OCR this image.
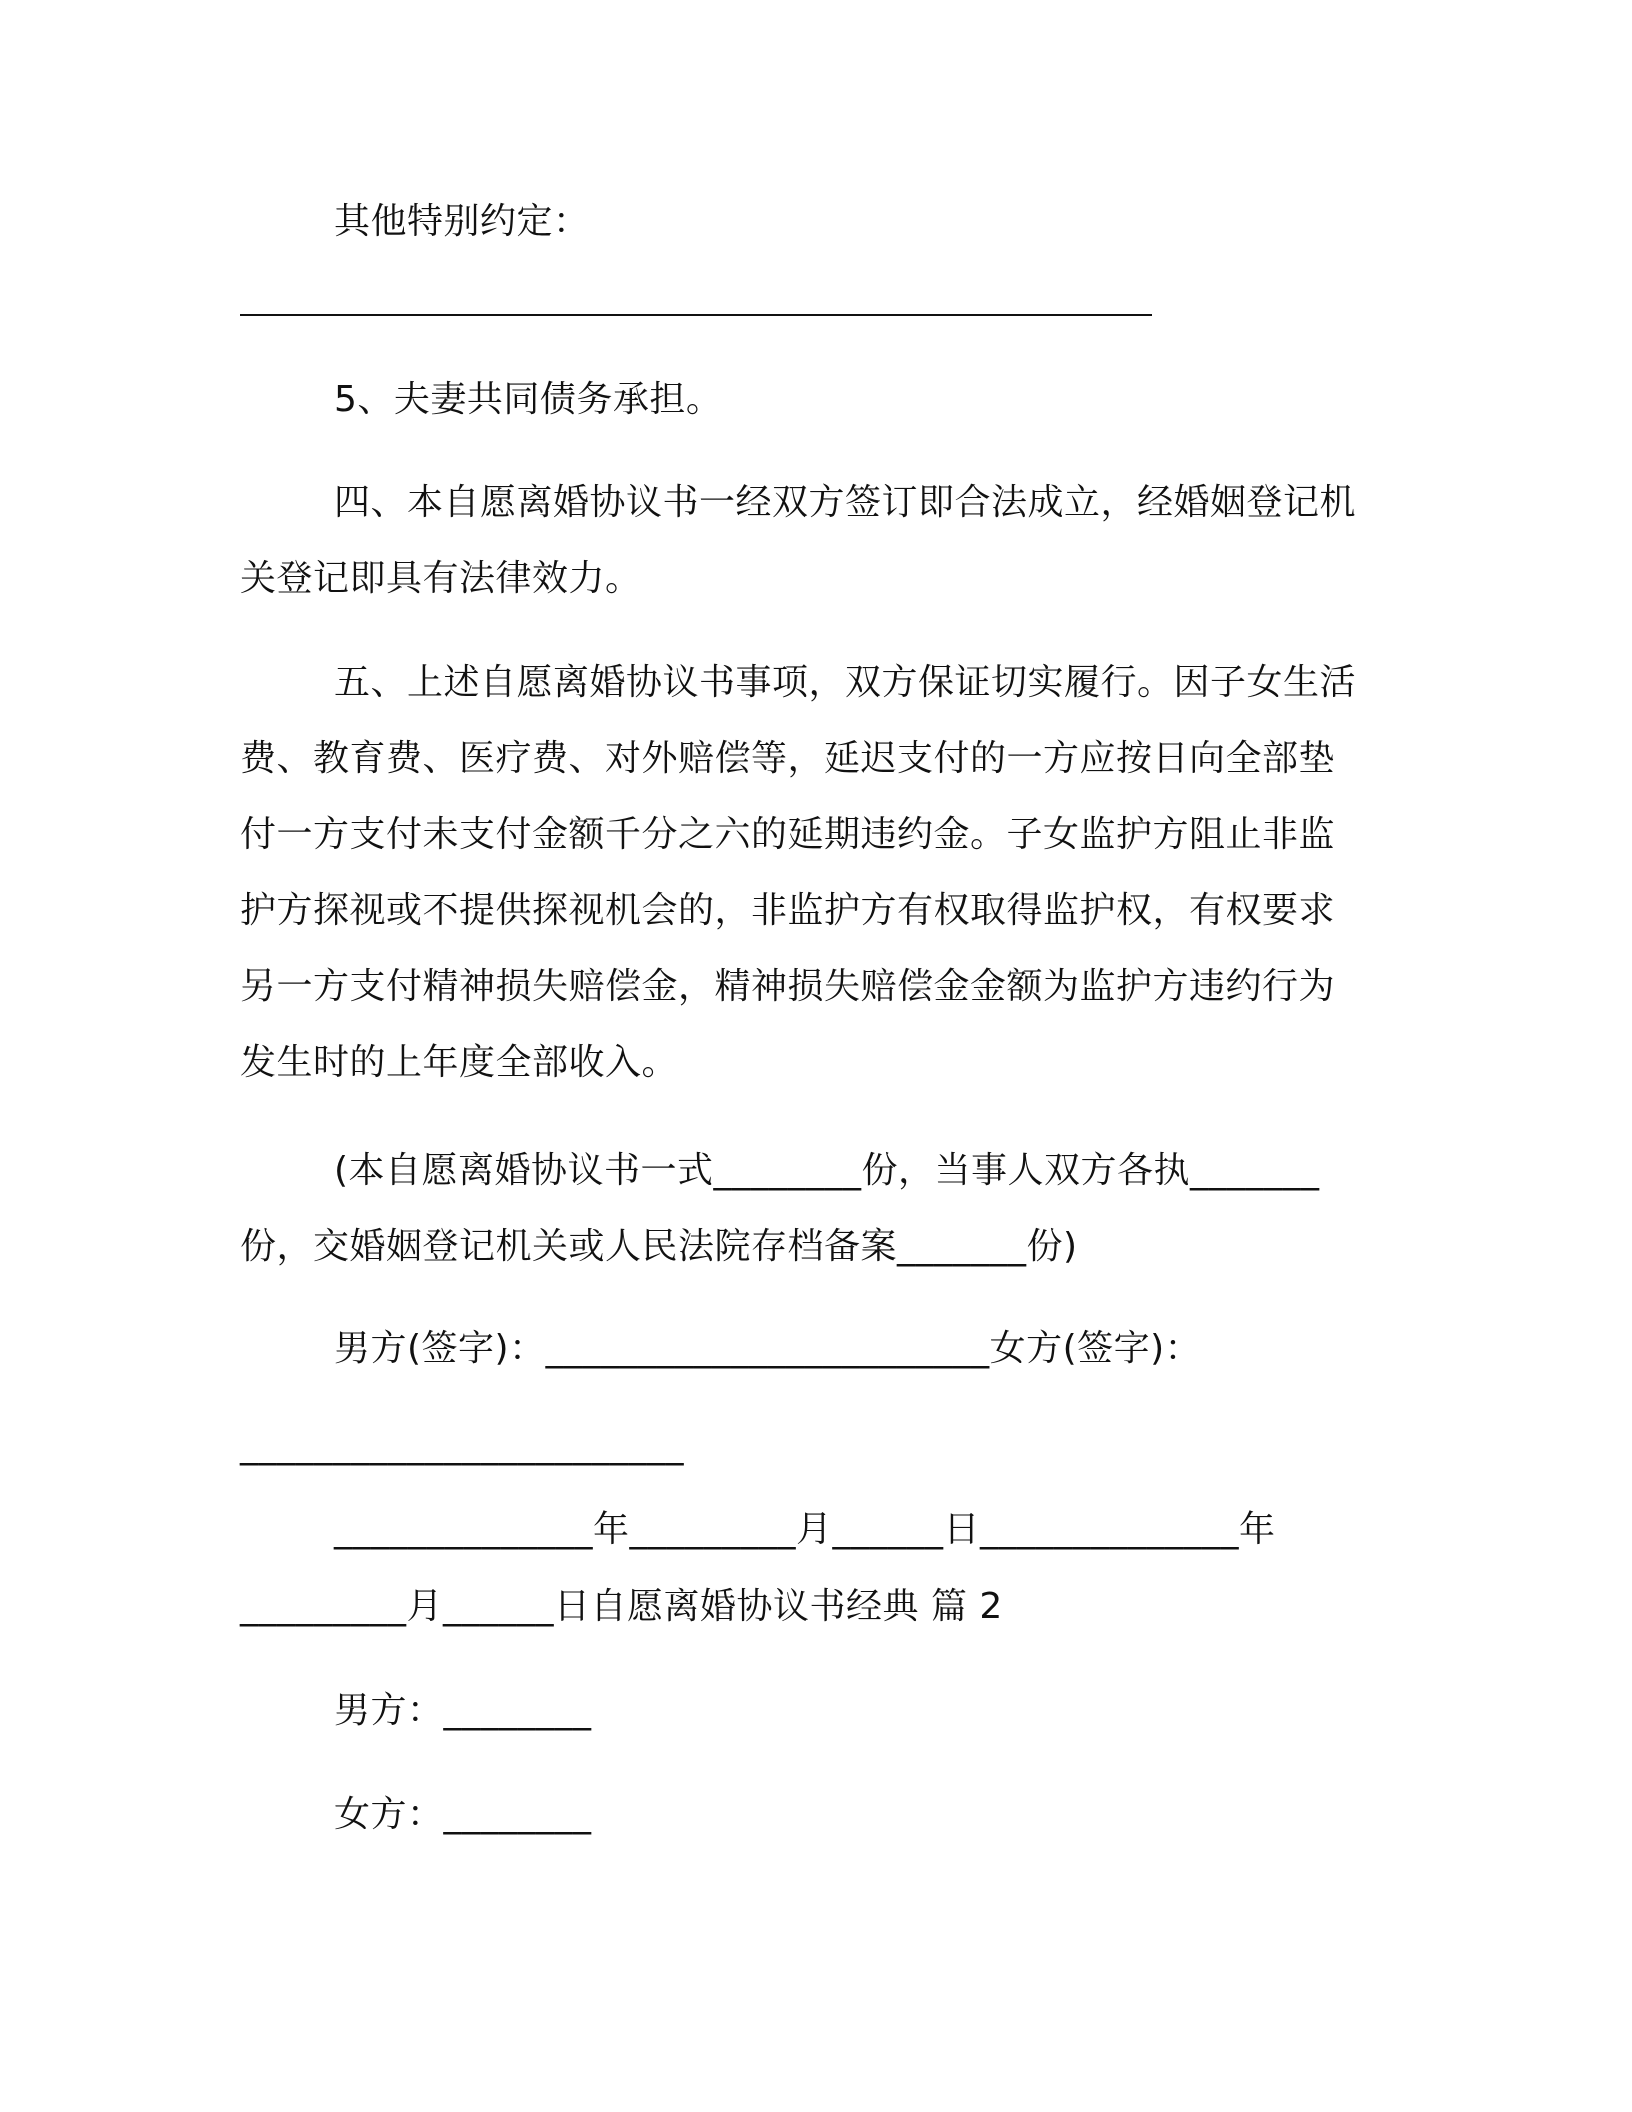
其他特别约定：
5、夫妻共同债务承担。
四、本自愿离婚协议书一经双方签订即合法成立，经婚姻登记机
关登记即具有法律效力。
五、上述自愿离婚协议书事项，双方保证切实履行。因子女生活
费、教育费、医疗费、对外赔偿等，延迟支付的一方应按日向全部垫
付一方支付未支付金额千分之六的延期违约金。子女监护方阻止非监
护方探视或不提供探视机会的，非监护方有权取得监护权，有权要求
另一方支付精神损失赔偿金，精神损失赔偿金金额为监护方违约行为
发生时的上年度全部收入。
(本自愿离婚协议书一式________份，当事人双方各执_______
份，交婚姻登记机关或人民法院存档备案_______份)
男方(签字)：________________________女方(签字)：
________________________
______________年_________月______日______________年
_________月______日自愿离婚协议书经典 篇 2
男方：________
女方：________
